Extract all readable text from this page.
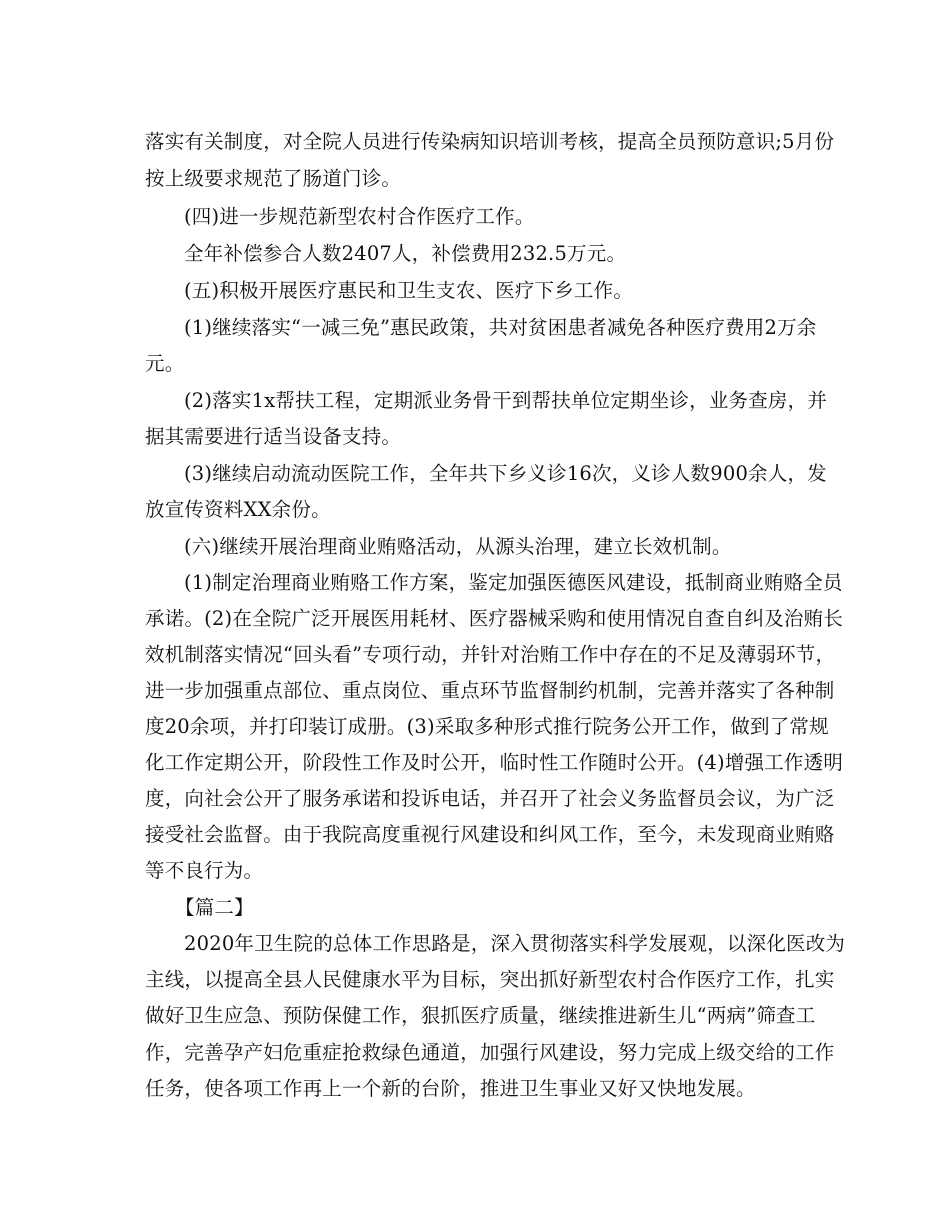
落实有关制度，对全院人员进行传染病知识培训考核，提高全员预防意识;5月份
按上级要求规范了肠道门诊。
(四)进一步规范新型农村合作医疗工作。
全年补偿参合人数2407人，补偿费用232.5万元。
(五)积极开展医疗惠民和卫生支农、医疗下乡工作。
(1)继续落实“一减三免”惠民政策，共对贫困患者减免各种医疗费用2万余
元。
(2)落实1x帮扶工程，定期派业务骨干到帮扶单位定期坐诊，业务查房，并
据其需要进行适当设备支持。
(3)继续启动流动医院工作，全年共下乡义诊16次，义诊人数900余人，发
放宣传资料XX余份。
(六)继续开展治理商业贿赂活动，从源头治理，建立长效机制。
(1)制定治理商业贿赂工作方案，鉴定加强医德医风建设，抵制商业贿赂全员
承诺。(2)在全院广泛开展医用耗材、医疗器械采购和使用情况自查自纠及治贿长
效机制落实情况“回头看”专项行动，并针对治贿工作中存在的不足及薄弱环节，
进一步加强重点部位、重点岗位、重点环节监督制约机制，完善并落实了各种制
度20余项，并打印装订成册。(3)采取多种形式推行院务公开工作，做到了常规
化工作定期公开，阶段性工作及时公开，临时性工作随时公开。(4)增强工作透明
度，向社会公开了服务承诺和投诉电话，并召开了社会义务监督员会议，为广泛
接受社会监督。由于我院高度重视行风建设和纠风工作，至今，未发现商业贿赂
等不良行为。
【篇二】
2020年卫生院的总体工作思路是，深入贯彻落实科学发展观，以深化医改为
主线，以提高全县人民健康水平为目标，突出抓好新型农村合作医疗工作，扎实
做好卫生应急、预防保健工作，狠抓医疗质量，继续推进新生儿“两病”筛查工
作，完善孕产妇危重症抢救绿色通道，加强行风建设，努力完成上级交给的工作
任务，使各项工作再上一个新的台阶，推进卫生事业又好又快地发展。
